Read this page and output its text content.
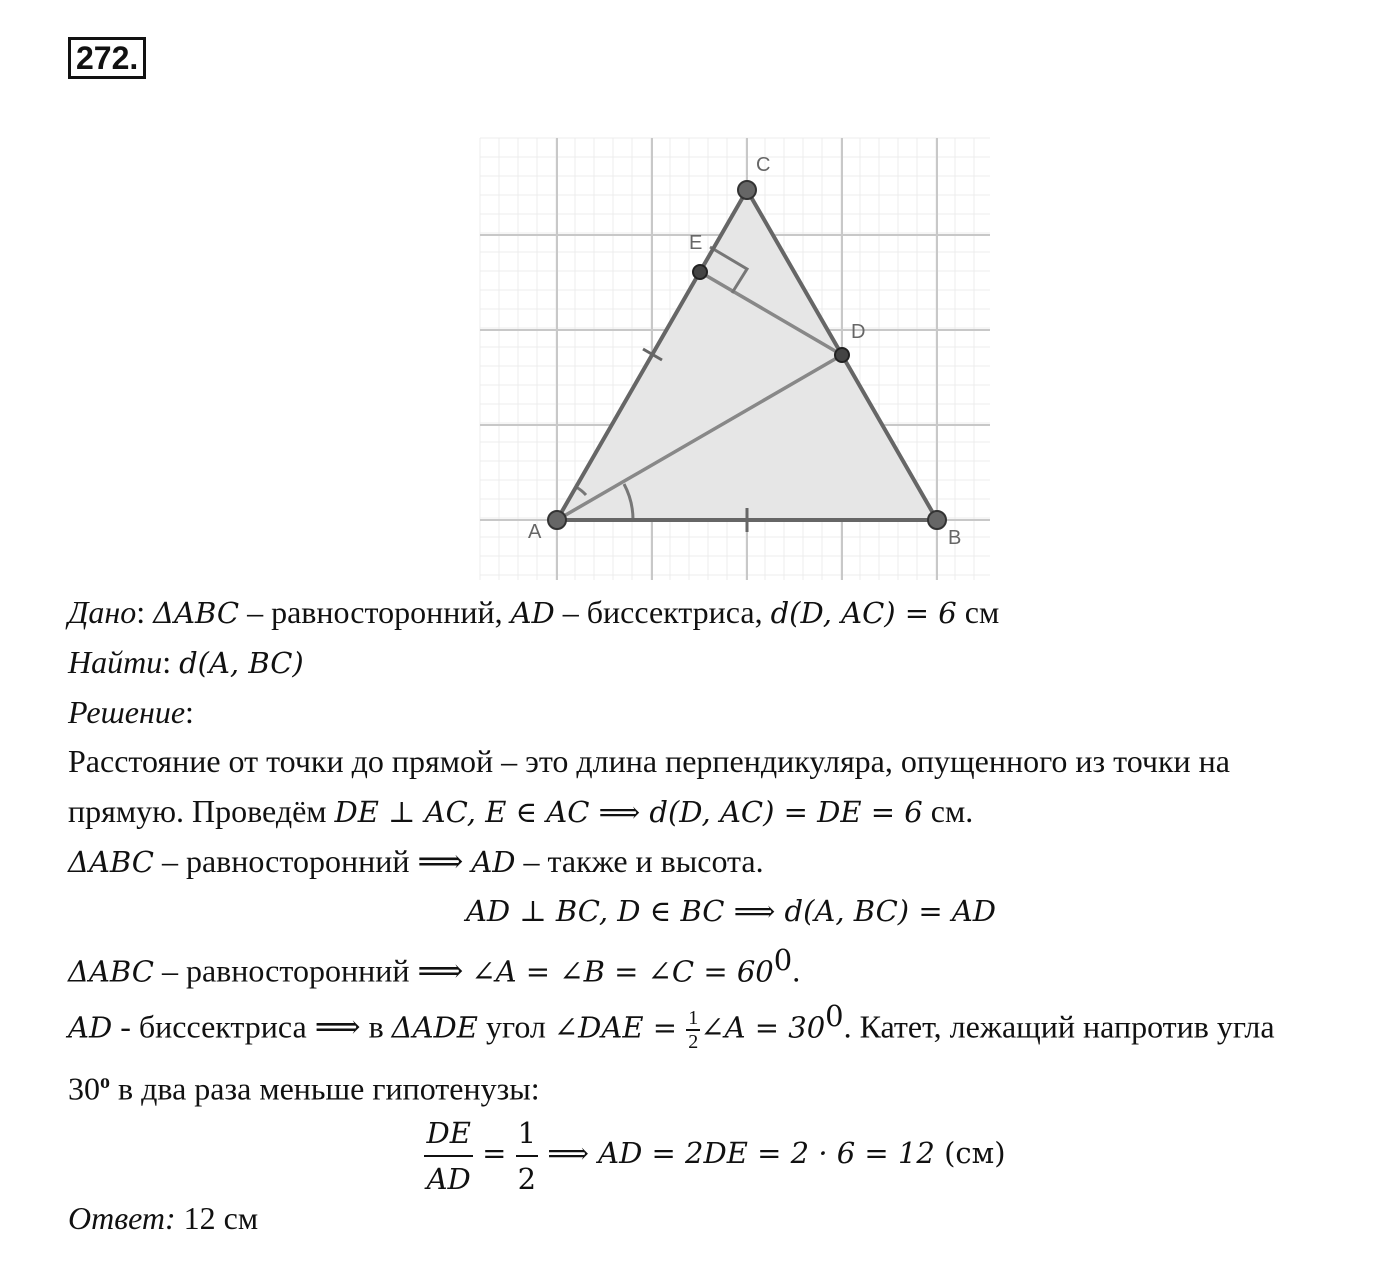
272.
A	B
C
D
E
Дано: ΔABC – равносторонний, AD – биссектриса, d(D, AC) = 6 см
Найти: d(A, BC)
Решение:
Расстояние от точки до прямой – это длина перпендикуляра, опущенного из точки на
прямую. Проведём DE ⊥ AC, E ∈ AC ⟹ d(D, AC) = DE = 6 см.
ΔABC – равносторонний ⟹ AD – также и высота.
AD ⊥ BC, D ∈ BC ⟹ d(A, BC) = AD
ΔABC – равносторонний ⟹ ∠A = ∠B = ∠C = $60^0$.
AD - биссектриса ⟹ в ΔADE угол ∠DAE = $\frac{1}{2}$ ∠A = $30^0$. Катет, лежащий напротив угла
30$^o$ в два раза меньше гипотенузы:
$\frac{DE}{AD} = \frac{1}{2}$ ⟹ AD = 2DE = 2 · 6 = 12 (см)
Ответ: 12 см
